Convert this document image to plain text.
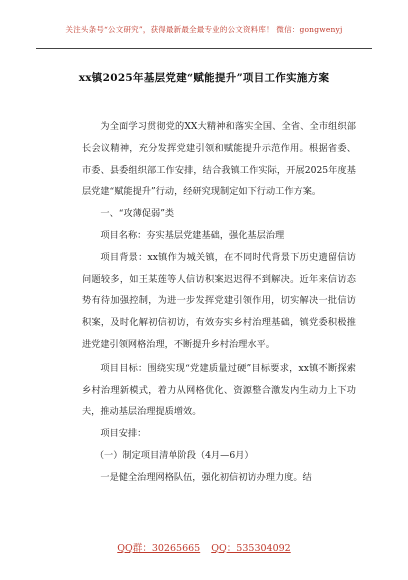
关注头条号“公文研究”，获得最新最全最专业的公文资料库！ 微信：gongwenyj
xx镇2025年基层党建“赋能提升”项目工作实施方案

为全面学习贯彻党的XX大精神和落实全国、全省、全市组织部长会议精神，充分发挥党建引领和赋能提升示范作用。根据省委、市委、县委组织部工作安排，结合我镇工作实际，开展2025年度基层党建“赋能提升”行动，经研究现制定如下行动工作方案。

一、“攻薄促弱”类

项目名称：夯实基层党建基础，强化基层治理

项目背景：xx镇作为城关镇，在不同时代背景下历史遗留信访问题较多，如王某莲等人信访积案迟迟得不到解决。近年来信访态势有待加强控制，为进一步发挥党建引领作用，切实解决一批信访积案，及时化解初信初访，有效夯实乡村治理基础，镇党委积极推进党建引领网格治理，不断提升乡村治理水平。

项目目标：围绕实现“党建质量过硬”目标要求，xx镇不断探索乡村治理新模式，着力从网格优化、资源整合激发内生动力上下功夫，推动基层治理提质增效。

项目安排：

（一）制定项目清单阶段（4月—6月）

一是健全治理网格队伍，强化初信初访办理力度。结

QQ群：30265665 QQ：535304092
